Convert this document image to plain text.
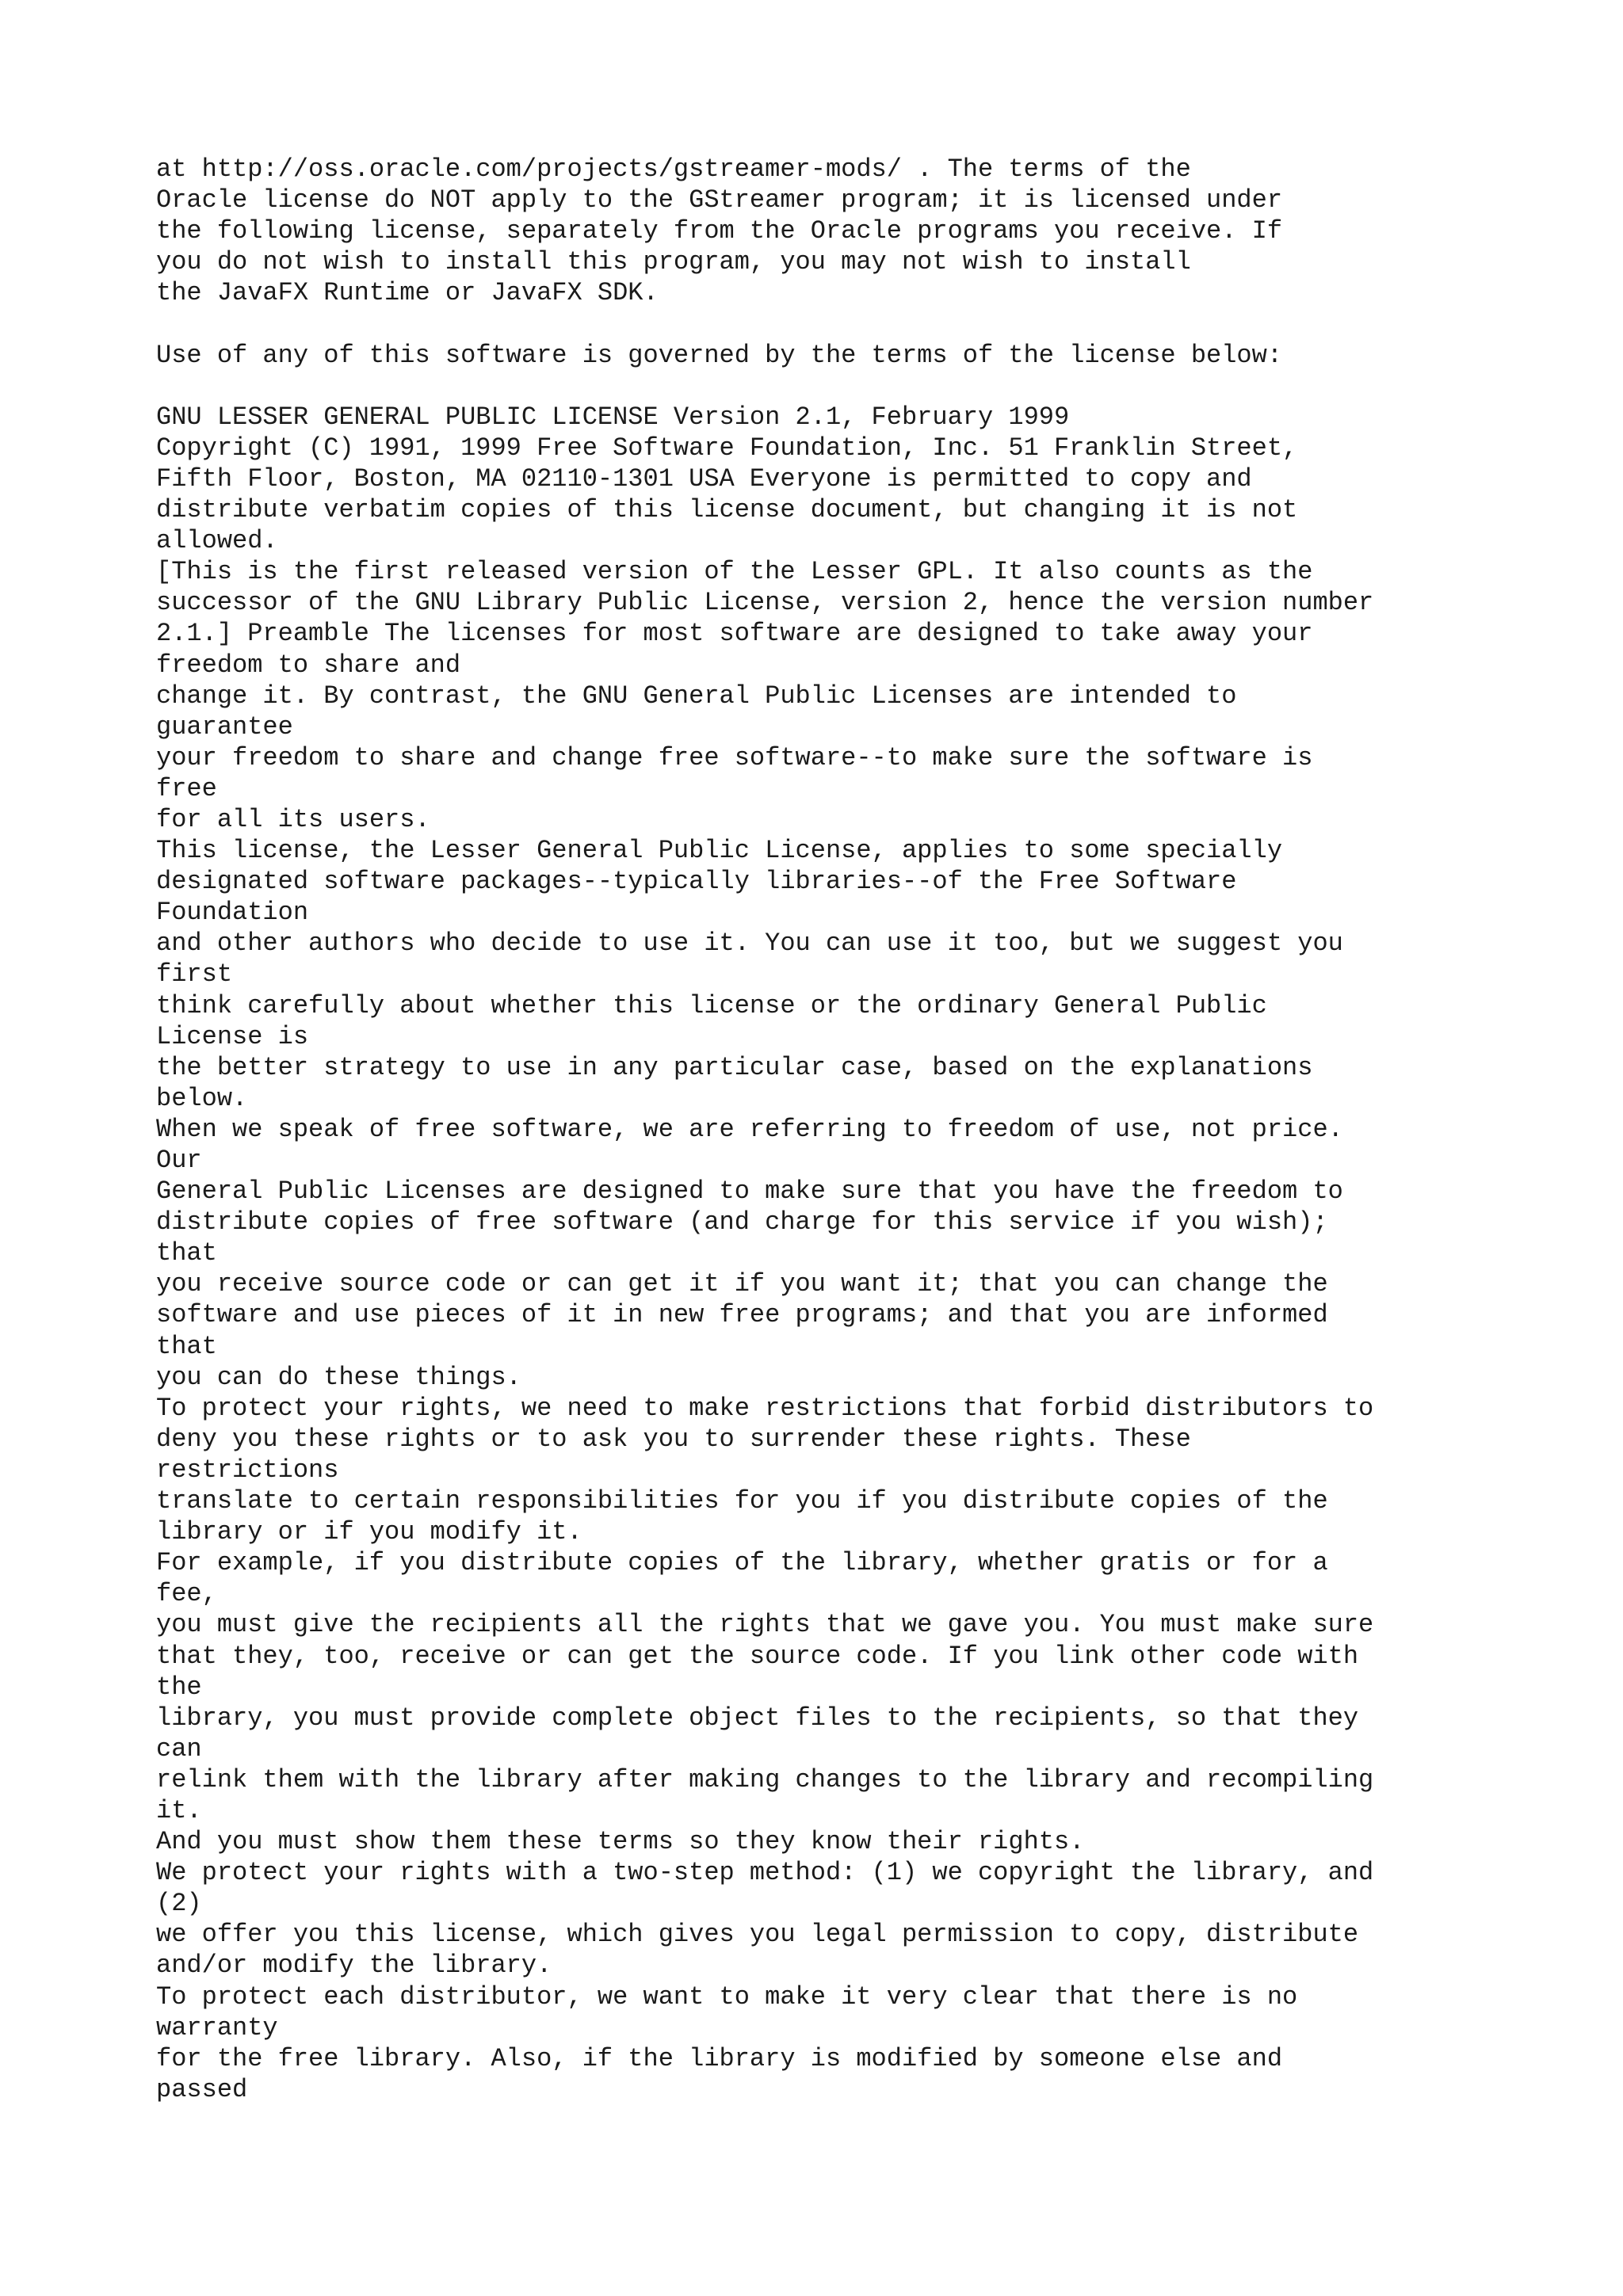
at http://oss.oracle.com/projects/gstreamer-mods/ . The terms of the
Oracle license do NOT apply to the GStreamer program; it is licensed under
the following license, separately from the Oracle programs you receive. If
you do not wish to install this program, you may not wish to install
the JavaFX Runtime or JavaFX SDK.
Use of any of this software is governed by the terms of the license below:
GNU LESSER GENERAL PUBLIC LICENSE Version 2.1, February 1999
Copyright (C) 1991, 1999 Free Software Foundation, Inc. 51 Franklin Street,
Fifth Floor, Boston, MA 02110-1301 USA Everyone is permitted to copy and
distribute verbatim copies of this license document, but changing it is not
allowed.
[This is the first released version of the Lesser GPL. It also counts as the
successor of the GNU Library Public License, version 2, hence the version number
2.1.] Preamble The licenses for most software are designed to take away your
freedom to share and
change it. By contrast, the GNU General Public Licenses are intended to
guarantee
your freedom to share and change free software--to make sure the software is
free
for all its users.
This license, the Lesser General Public License, applies to some specially
designated software packages--typically libraries--of the Free Software
Foundation
and other authors who decide to use it. You can use it too, but we suggest you
first
think carefully about whether this license or the ordinary General Public
License is
the better strategy to use in any particular case, based on the explanations
below.
When we speak of free software, we are referring to freedom of use, not price.
Our
General Public Licenses are designed to make sure that you have the freedom to
distribute copies of free software (and charge for this service if you wish);
that
you receive source code or can get it if you want it; that you can change the
software and use pieces of it in new free programs; and that you are informed
that
you can do these things.
To protect your rights, we need to make restrictions that forbid distributors to
deny you these rights or to ask you to surrender these rights. These
restrictions
translate to certain responsibilities for you if you distribute copies of the
library or if you modify it.
For example, if you distribute copies of the library, whether gratis or for a
fee,
you must give the recipients all the rights that we gave you. You must make sure
that they, too, receive or can get the source code. If you link other code with
the
library, you must provide complete object files to the recipients, so that they
can
relink them with the library after making changes to the library and recompiling
it.
And you must show them these terms so they know their rights.
We protect your rights with a two-step method: (1) we copyright the library, and
(2)
we offer you this license, which gives you legal permission to copy, distribute
and/or modify the library.
To protect each distributor, we want to make it very clear that there is no
warranty
for the free library. Also, if the library is modified by someone else and
passed
